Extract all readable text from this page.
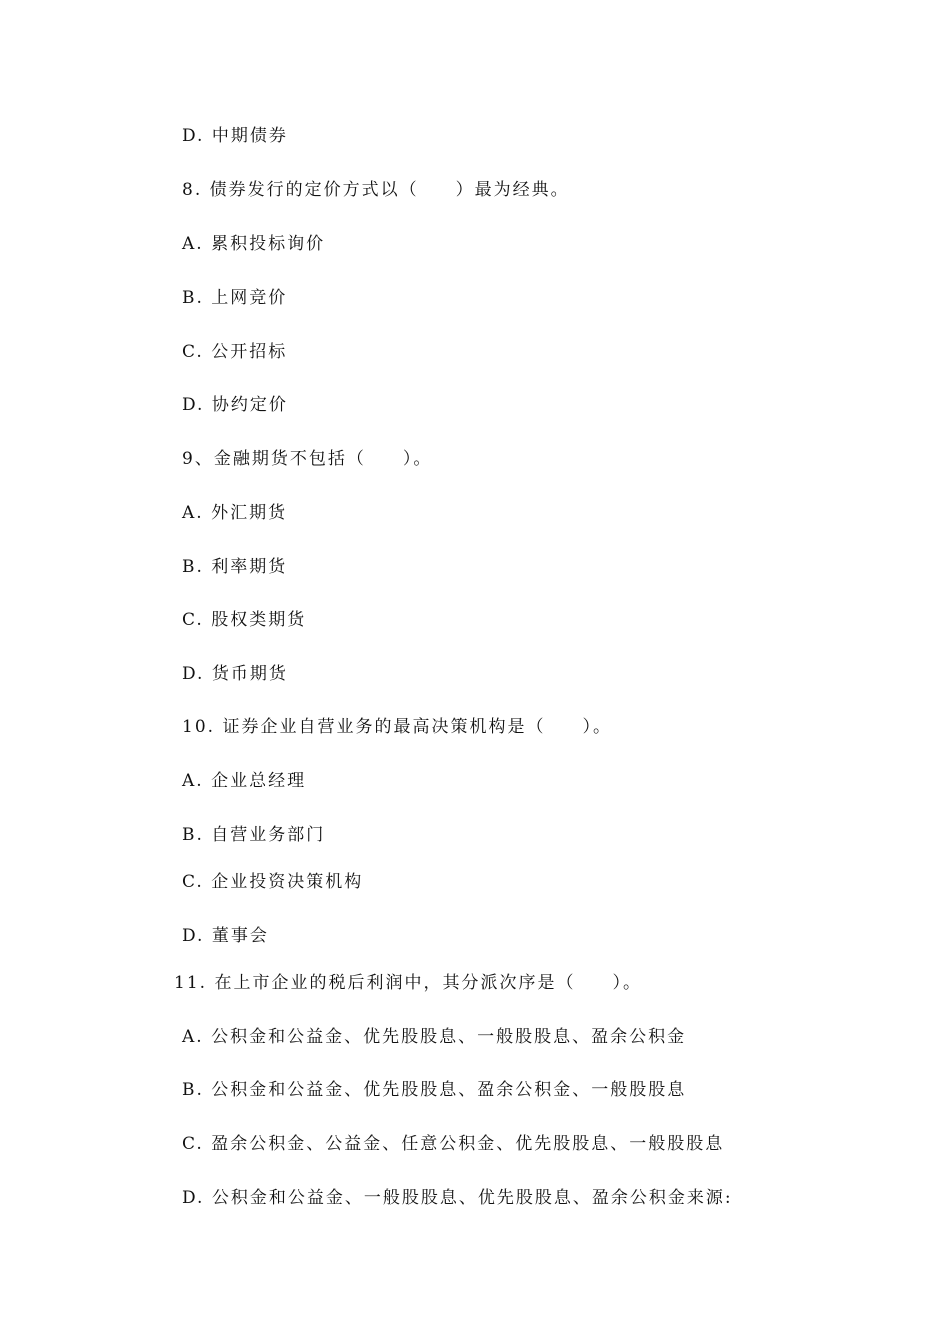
D. 中期债券
8. 债券发行的定价方式以（     ）最为经典。
A. 累积投标询价
B. 上网竞价
C. 公开招标
D. 协约定价
9、金融期货不包括（     ）。
A. 外汇期货
B. 利率期货
C. 股权类期货
D. 货币期货
10. 证券企业自营业务的最高决策机构是（     ）。
A. 企业总经理
B. 自营业务部门
C. 企业投资决策机构
D. 董事会
11. 在上市企业的税后利润中，其分派次序是（     ）。
A. 公积金和公益金、优先股股息、一般股股息、盈余公积金
B. 公积金和公益金、优先股股息、盈余公积金、一般股股息
C. 盈余公积金、公益金、任意公积金、优先股股息、一般股股息
D. 公积金和公益金、一般股股息、优先股股息、盈余公积金来源:
